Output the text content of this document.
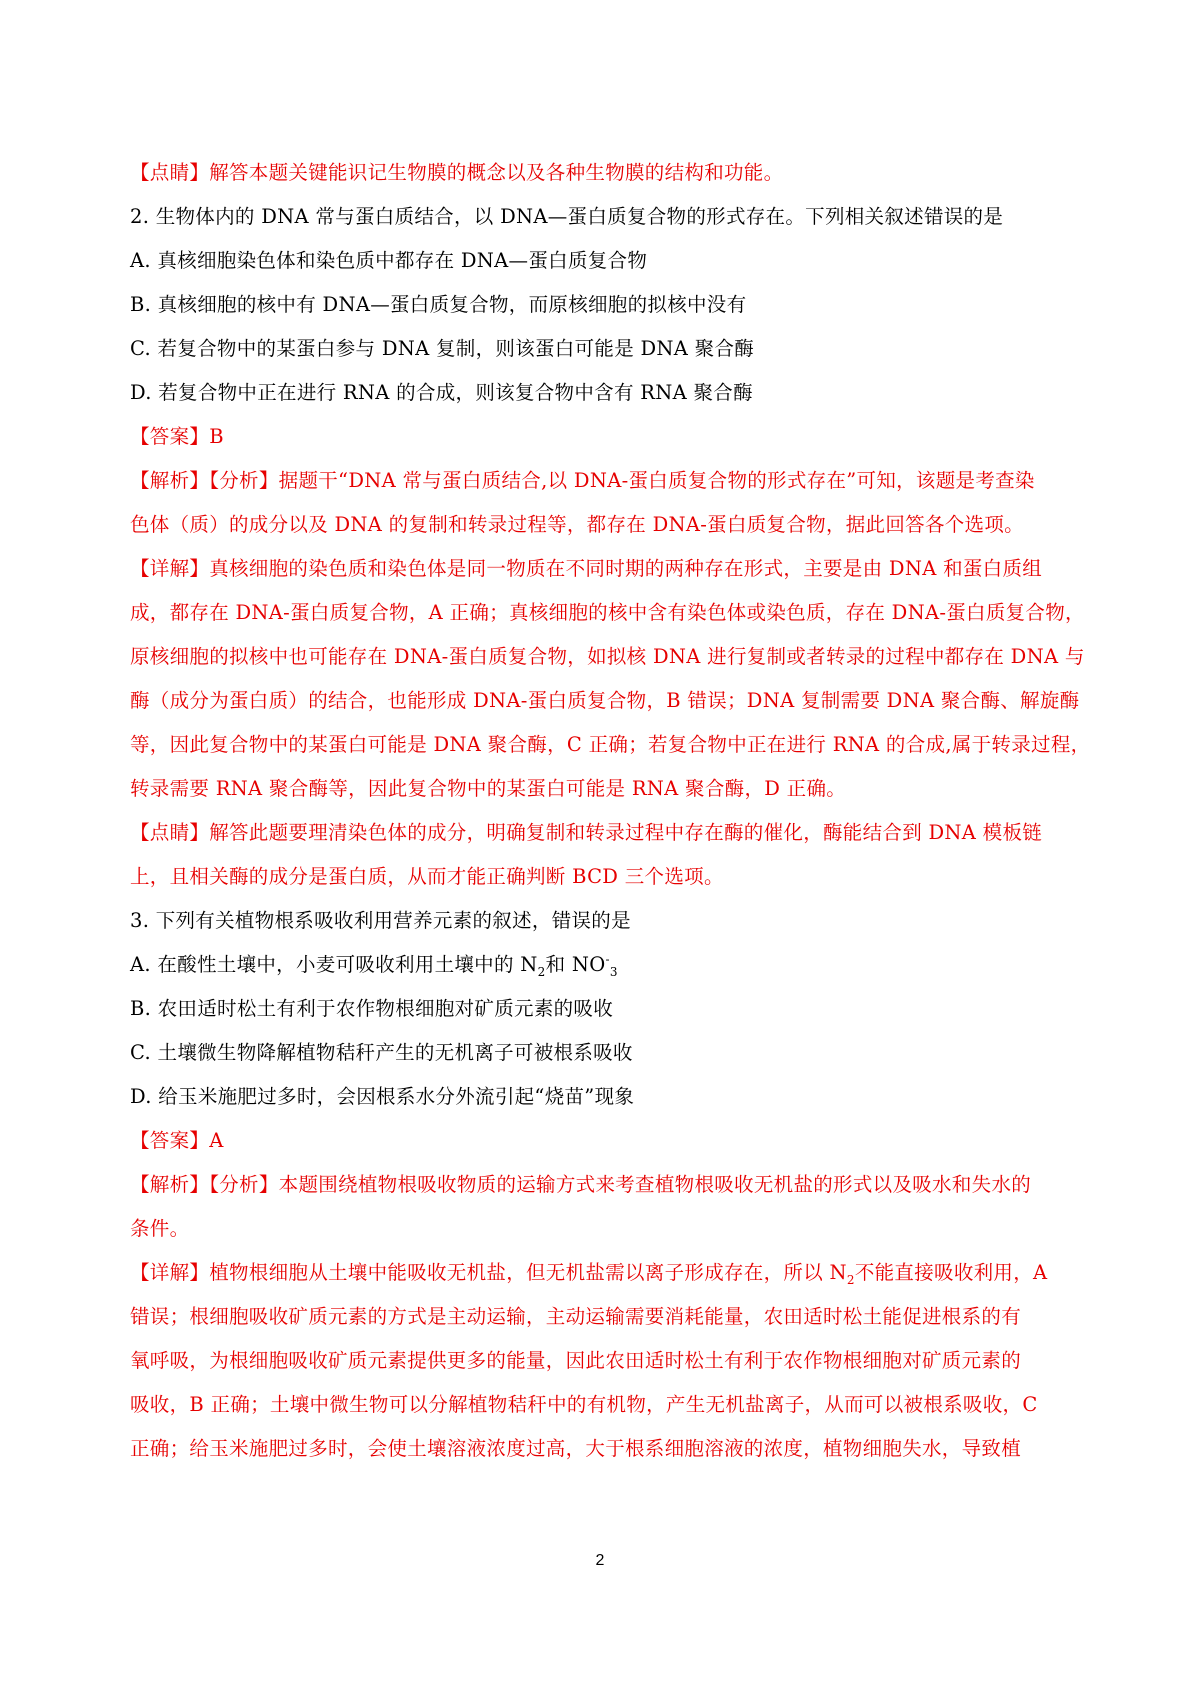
【点睛】解答本题关键能识记生物膜的概念以及各种生物膜的结构和功能。
2. 生物体内的 DNA 常与蛋白质结合，以 DNA—蛋白质复合物的形式存在。下列相关叙述错误的是
A. 真核细胞染色体和染色质中都存在 DNA—蛋白质复合物
B. 真核细胞的核中有 DNA—蛋白质复合物，而原核细胞的拟核中没有
C. 若复合物中的某蛋白参与 DNA 复制，则该蛋白可能是 DNA 聚合酶
D. 若复合物中正在进行 RNA 的合成，则该复合物中含有 RNA 聚合酶
【答案】B
【解析】【分析】据题干“DNA 常与蛋白质结合,以 DNA-蛋白质复合物的形式存在”可知，该题是考查染
色体（质）的成分以及 DNA 的复制和转录过程等，都存在 DNA-蛋白质复合物，据此回答各个选项。
【详解】真核细胞的染色质和染色体是同一物质在不同时期的两种存在形式，主要是由 DNA 和蛋白质组
成，都存在 DNA-蛋白质复合物，A 正确；真核细胞的核中含有染色体或染色质，存在 DNA-蛋白质复合物，
原核细胞的拟核中也可能存在 DNA-蛋白质复合物，如拟核 DNA 进行复制或者转录的过程中都存在 DNA 与
酶（成分为蛋白质）的结合，也能形成 DNA-蛋白质复合物，B 错误；DNA 复制需要 DNA 聚合酶、解旋酶
等，因此复合物中的某蛋白可能是 DNA 聚合酶，C 正确；若复合物中正在进行 RNA 的合成,属于转录过程，
转录需要 RNA 聚合酶等，因此复合物中的某蛋白可能是 RNA 聚合酶，D 正确。
【点睛】解答此题要理清染色体的成分，明确复制和转录过程中存在酶的催化，酶能结合到 DNA 模板链
上，且相关酶的成分是蛋白质，从而才能正确判断 BCD 三个选项。
3. 下列有关植物根系吸收利用营养元素的叙述，错误的是
A. 在酸性土壤中，小麦可吸收利用土壤中的 $N_2$和 $NO^-_3$
B. 农田适时松土有利于农作物根细胞对矿质元素的吸收
C. 土壤微生物降解植物秸秆产生的无机离子可被根系吸收
D. 给玉米施肥过多时，会因根系水分外流引起“烧苗”现象
【答案】A
【解析】【分析】本题围绕植物根吸收物质的运输方式来考查植物根吸收无机盐的形式以及吸水和失水的
条件。
【详解】植物根细胞从土壤中能吸收无机盐，但无机盐需以离子形成存在，所以 $N_2$不能直接吸收利用，A
错误；根细胞吸收矿质元素的方式是主动运输，主动运输需要消耗能量，农田适时松土能促进根系的有
氧呼吸，为根细胞吸收矿质元素提供更多的能量，因此农田适时松土有利于农作物根细胞对矿质元素的
吸收，B 正确；土壤中微生物可以分解植物秸秆中的有机物，产生无机盐离子，从而可以被根系吸收，C
正确；给玉米施肥过多时，会使土壤溶液浓度过高，大于根系细胞溶液的浓度，植物细胞失水，导致植
2
